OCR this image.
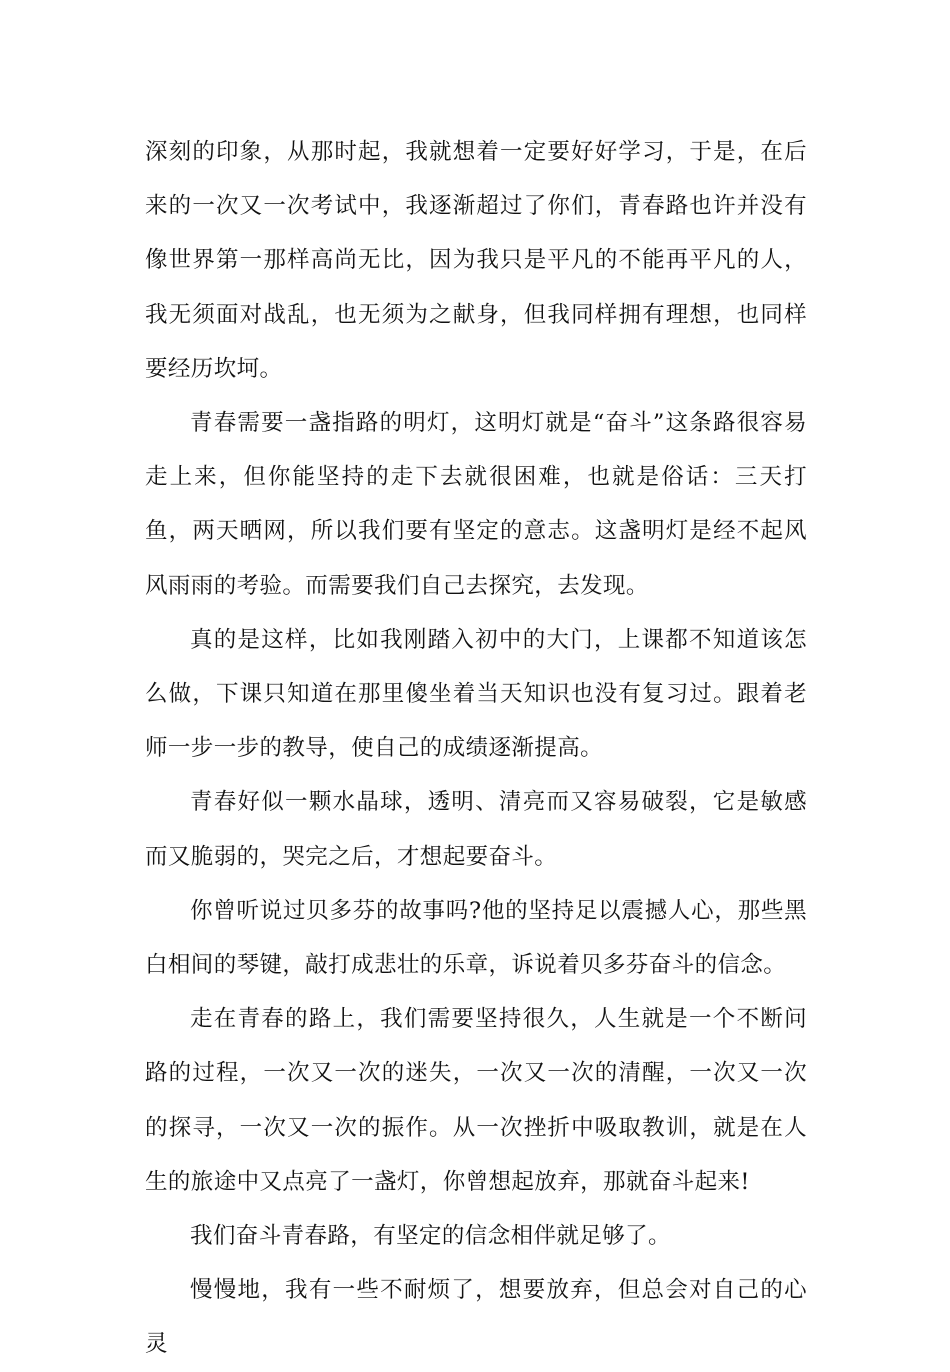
深刻的印象，从那时起，我就想着一定要好好学习，于是，在后来的一次又一次考试中，我逐渐超过了你们，青春路也许并没有像世界第一那样高尚无比，因为我只是平凡的不能再平凡的人，我无须面对战乱，也无须为之献身，但我同样拥有理想，也同样要经历坎坷。

青春需要一盏指路的明灯，这明灯就是“奋斗”这条路很容易走上来，但你能坚持的走下去就很困难，也就是俗话：三天打鱼，两天晒网，所以我们要有坚定的意志。这盏明灯是经不起风风雨雨的考验。而需要我们自己去探究，去发现。

真的是这样，比如我刚踏入初中的大门，上课都不知道该怎么做，下课只知道在那里傻坐着当天知识也没有复习过。跟着老师一步一步的教导，使自己的成绩逐渐提高。

青春好似一颗水晶球，透明、清亮而又容易破裂，它是敏感而又脆弱的，哭完之后，才想起要奋斗。

你曾听说过贝多芬的故事吗?他的坚持足以震撼人心，那些黑白相间的琴键，敲打成悲壮的乐章，诉说着贝多芬奋斗的信念。

走在青春的路上，我们需要坚持很久，人生就是一个不断问路的过程，一次又一次的迷失，一次又一次的清醒，一次又一次的探寻，一次又一次的振作。从一次挫折中吸取教训，就是在人生的旅途中又点亮了一盏灯，你曾想起放弃，那就奋斗起来!

我们奋斗青春路，有坚定的信念相伴就足够了。

慢慢地，我有一些不耐烦了，想要放弃，但总会对自己的心灵
